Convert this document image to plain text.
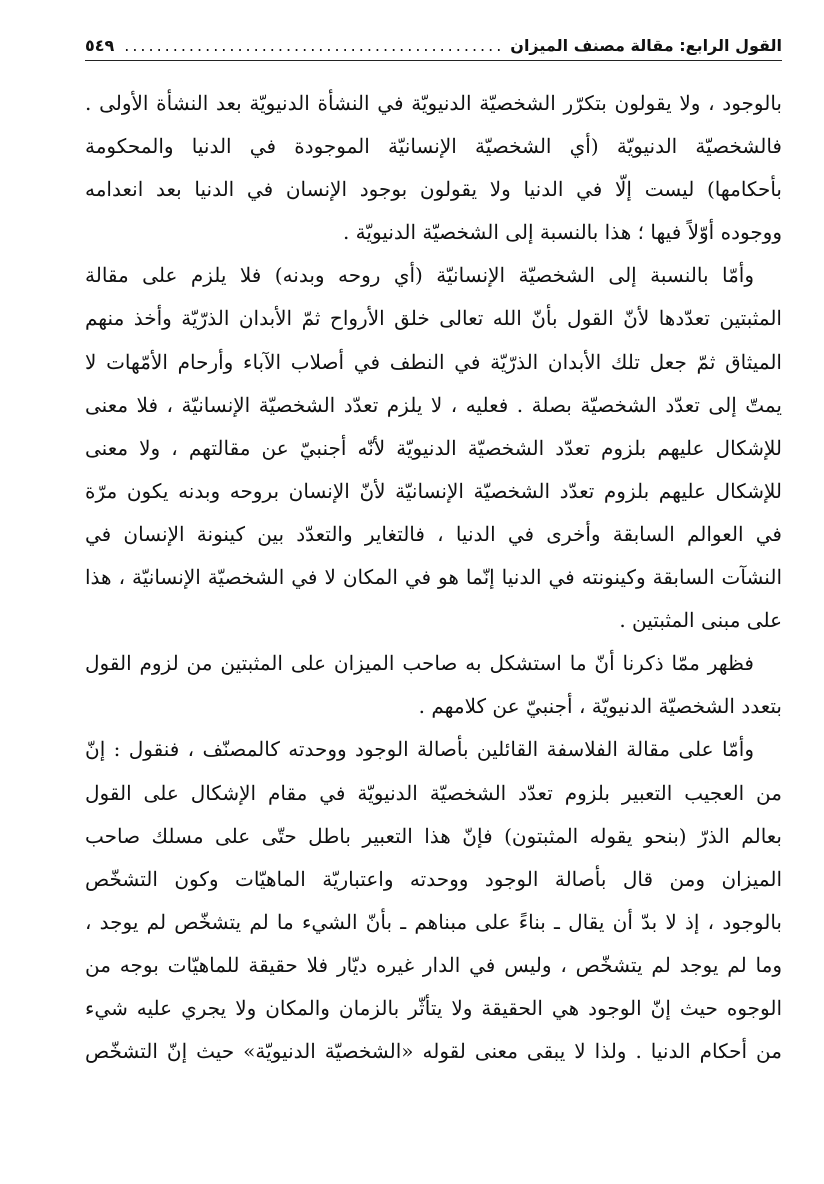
القول الرابع: مقالة مصنف الميزان
.....
٥٤٩
بالوجود ، ولا يقولون بتكرّر الشخصيّة الدنيويّة في النشأة الدنيويّة بعد النشأة الأولى .
فالشخصيّة الدنيويّة (أي الشخصيّة الإنسانيّة الموجودة في الدنيا والمحكومة
بأحكامها) ليست إلّا في الدنيا ولا يقولون بوجود الإنسان في الدنيا بعد انعدامه
ووجوده أوّلاً فيها ؛ هذا بالنسبة إلى الشخصيّة الدنيويّة .
وأمّا بالنسبة إلى الشخصيّة الإنسانيّة (أي روحه وبدنه) فلا يلزم على مقالة
المثبتين تعدّدها لأنّ القول بأنّ الله تعالى خلق الأرواح ثمّ الأبدان الذرّيّة وأخذ منهم
الميثاق ثمّ جعل تلك الأبدان الذرّيّة في النطف في أصلاب الآباء وأرحام الأمّهات لا
يمتّ إلى تعدّد الشخصيّة بصلة . فعليه ، لا يلزم تعدّد الشخصيّة الإنسانيّة ، فلا معنى
للإشكال عليهم بلزوم تعدّد الشخصيّة الدنيويّة لأنّه أجنبيّ عن مقالتهم ، ولا معنى
للإشكال عليهم بلزوم تعدّد الشخصيّة الإنسانيّة لأنّ الإنسان بروحه وبدنه يكون مرّة
في العوالم السابقة وأخرى في الدنيا ، فالتغاير والتعدّد بين كينونة الإنسان في
النشآت السابقة وكينونته في الدنيا إنّما هو في المكان لا في الشخصيّة الإنسانيّة ، هذا
على مبنى المثبتين .
فظهر ممّا ذكرنا أنّ ما استشكل به صاحب الميزان على المثبتين من لزوم القول
بتعدد الشخصيّة الدنيويّة ، أجنبيّ عن كلامهم .
وأمّا على مقالة الفلاسفة القائلين بأصالة الوجود ووحدته كالمصنّف ، فنقول : إنّ
من العجيب التعبير بلزوم تعدّد الشخصيّة الدنيويّة في مقام الإشكال على القول
بعالم الذرّ (بنحو يقوله المثبتون) فإنّ هذا التعبير باطل حتّى على مسلك صاحب
الميزان ومن قال بأصالة الوجود ووحدته واعتباريّة الماهيّات وكون التشخّص
بالوجود ، إذ لا بدّ أن يقال ـ بناءً على مبناهم ـ بأنّ الشيء ما لم يتشخّص لم يوجد ،
وما لم يوجد لم يتشخّص ، وليس في الدار غيره ديّار فلا حقيقة للماهيّات بوجه من
الوجوه حيث إنّ الوجود هي الحقيقة ولا يتأثّر بالزمان والمكان ولا يجري عليه شيء
من أحكام الدنيا . ولذا لا يبقى معنى لقوله «الشخصيّة الدنيويّة» حيث إنّ التشخّص
